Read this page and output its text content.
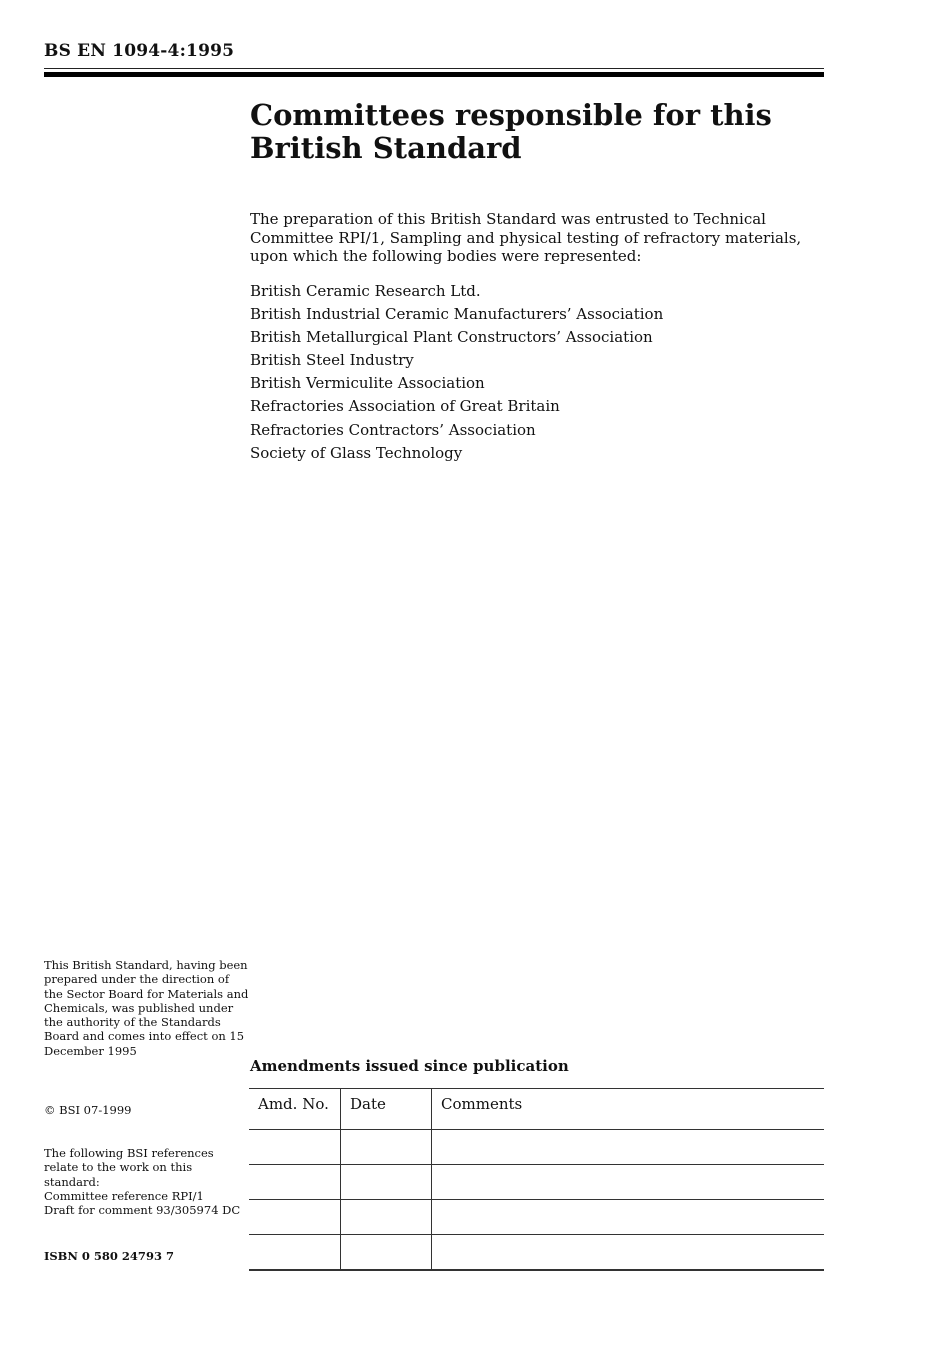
BS EN 1094-4:1995
Committees responsible for this British Standard

The preparation of this British Standard was entrusted to Technical Committee RPI/1, Sampling and physical testing of refractory materials, upon which the following bodies were represented:

British Ceramic Research Ltd.
British Industrial Ceramic Manufacturers’ Association
British Metallurgical Plant Constructors’ Association
British Steel Industry
British Vermiculite Association
Refractories Association of Great Britain
Refractories Contractors’ Association
Society of Glass Technology

This British Standard, having been prepared under the direction of the Sector Board for Materials and Chemicals, was published under the authority of the Standards Board and comes into effect on 15 December 1995

© BSI 07-1999

The following BSI references relate to the work on this standard:
Committee reference RPI/1
Draft for comment 93/305974 DC
ISBN 0 580 24793 7
Amendments issued since publication
Amd. No.	Date	Comments
